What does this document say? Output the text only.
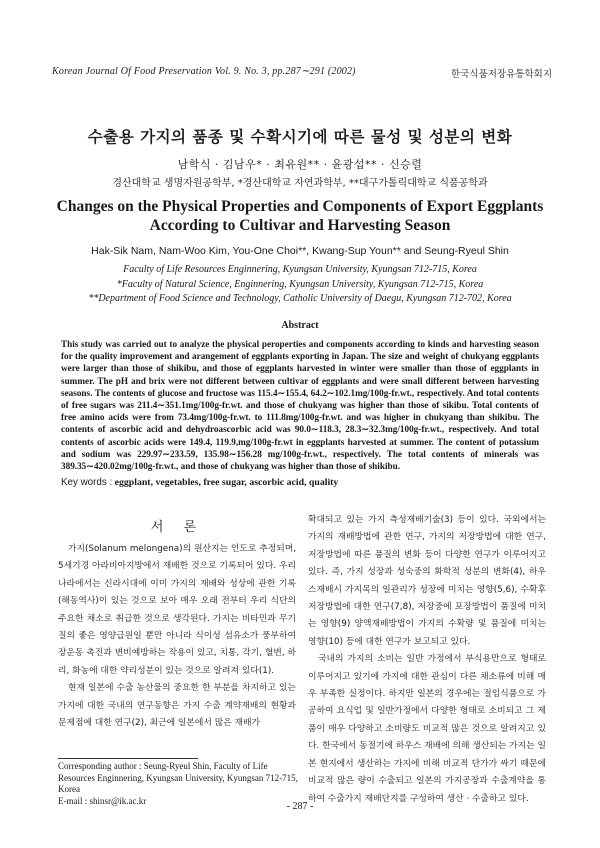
Korean Journal Of Food Preservation Vol. 9. No. 3, pp.287∼291 (2002)	한국식품저장유통학회지
수출용 가지의 품종 및 수확시기에 따른 물성 및 성분의 변화
남학식 · 김남우* · 최유원** · 윤광섭** · 신승렬
경산대학교 생명자원공학부, *경산대학교 자연과학부, **대구가톨릭대학교 식품공학과
Changes on the Physical Properties and Components of Export Eggplants
According to Cultivar and Harvesting Season
Hak-Sik Nam, Nam-Woo Kim, You-One Choi**, Kwang-Sup Youn** and Seung-Ryeul Shin
Faculty of Life Resources Enginnering, Kyungsan University, Kyungsan 712-715, Korea
*Faculty of Natural Science, Enginnering, Kyungsan University, Kyungsan 712-715, Korea
**Department of Food Science and Technology, Catholic University of Daegu, Kyungsan 712-702, Korea
Abstract
This study was carried out to analyze the physical peroperties and components according to kinds and harvesting season for the quality improvement and arangement of eggplants exporting in Japan. The size and weight of chukyang eggplants were larger than those of shikibu, and those of eggplants harvested in winter were smaller than those of eggplants in summer. The pH and brix were not different between cultivar of eggplants and were small different between harvesting seasons. The contents of glucose and fructose was 115.4∼155.4, 64.2∼102.1mg/100g-fr.wt., respectively. And total contents of free sugars was 211.4∼351.1mg/100g-fr.wt. and those of chukyang was higher than those of sikibu. Total contents of free amino acids were from 73.4mg/100g-fr.wt. to 111.8mg/100g-fr.wt. and was higher in chukyang than shikibu. The contents of ascorbic acid and dehydroascorbic acid was 90.0∼118.3, 28.3∼32.3mg/100g-fr.wt., respectively. And total contents of ascorbic acids were 149.4, 119.9,mg/100g-fr.wt in eggplants harvested at summer. The content of potassium and sodium was 229.97∼233.59, 135.98∼156.28 mg/100g-fr.wt., respectively. The total contents of minerals was 389.35∼420.02mg/100g-fr.wt., and those of chukyang was higher than those of shikibu.
Key words : eggplant, vegetables, free sugar, ascorbic acid, quality
서 론

가지(Solanum melongena)의 원산지는 인도로 추정되며, 5세기경 아라비아지방에서 재배한 것으로 기록되어 있다. 우리나라에서는 신라시대에 이미 가지의 재배와 성상에 관한 기록(해동역사)이 있는 것으로 보아 매우 오래 전부터 우리 식단의 주요한 채소로 취급한 것으로 생각된다. 가지는 비타민과 무기질의 좋은 영양급원일 뿐만 아니라 식이성 섬유소가 풍부하여 장운동 촉진과 변비예방하는 작용이 있고, 치통, 각기, 혈변, 하리, 화농에 대한 약리성분이 있는 것으로 알려져 있다(1).

현재 일본에 수출 농산물의 중요한 한 부분을 차지하고 있는 가지에 대한 국내의 연구동향은 가지 수출 계약재배의 현황과 문제점에 대한 연구(2), 최근에 일본에서 많은 재배가

확대되고 있는 가지 측성재배기술(3) 등이 있다. 국외에서는 가지의 재배방법에 관한 연구, 가지의 저장방법에 대한 연구, 저장방법에 따른 품질의 변화 등이 다양한 연구가 이루어지고 있다. 즉, 가지 성장과 성숙중의 화학적 성분의 변화(4), 하우스재배시 가지목의 일관리가 성장에 미치는 영향(5,6), 수확후 저장방법에 대한 연구(7,8), 저장중에 포장방법이 품질에 미치는 영향(9) 양액재배방법이 가지의 수확량 및 품질에 미치는 영향(10) 등에 대한 연구가 보고되고 있다.

국내의 가지의 소비는 일반 가정에서 부식용만으로 형태로 이루어지고 있기에 가지에 대한 관심이 다른 채소류에 비해 매우 부족한 실정이다. 하지만 일본의 경우에는 절임식품으로 가공하여 요식업 및 일반가정에서 다양한 형태로 소비되고 그 제품이 매우 다양하고 소비량도 비교적 많은 것으로 알려지고 있다. 한국에서 동절기에 하우스 재배에 의해 생산되는 가지는 일본 현지에서 생산하는 가지에 비해 비교적 단가가 싸기 때문에 비교적 많은 량이 수출되고 일본의 가지공장과 수출계약을 통하여 수출가지 재배단지를 구성하여 생산 · 수출하고 있다.

Corresponding author : Seung-Ryeul Shin, Faculty of Life Resources Enginnering, Kyungsan University, Kyungsan 712-715, Korea
E-mail : shinsr@ik.ac.kr
- 287 -
